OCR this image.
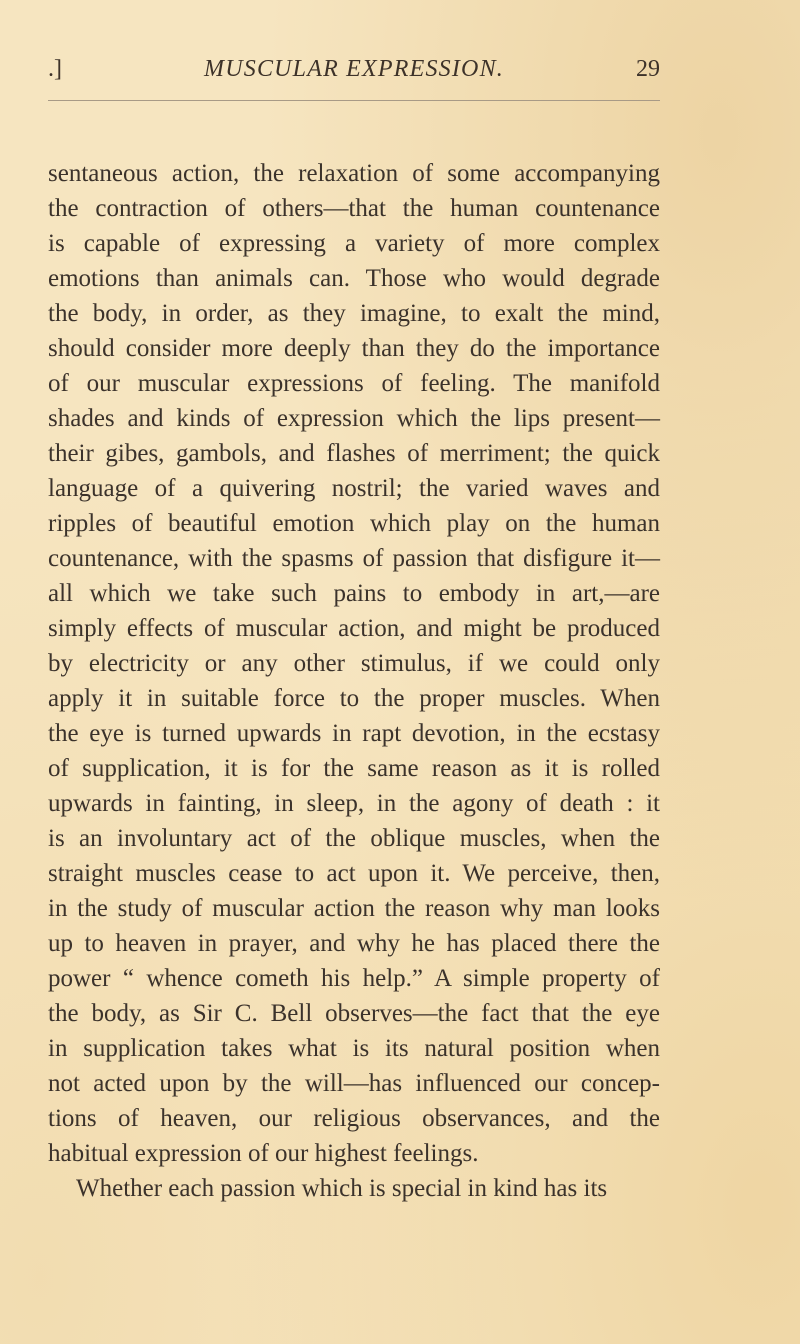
.]	MUSCULAR EXPRESSION.	29
sentaneous action, the relaxation of some accompanying
the contraction of others—that the human countenance
is capable of expressing a variety of more complex
emotions than animals can. Those who would degrade
the body, in order, as they imagine, to exalt the mind,
should consider more deeply than they do the importance
of our muscular expressions of feeling. The manifold
shades and kinds of expression which the lips present—
their gibes, gambols, and flashes of merriment; the quick
language of a quivering nostril; the varied waves and
ripples of beautiful emotion which play on the human
countenance, with the spasms of passion that disfigure it—
all which we take such pains to embody in art,—are
simply effects of muscular action, and might be produced
by electricity or any other stimulus, if we could only
apply it in suitable force to the proper muscles. When
the eye is turned upwards in rapt devotion, in the ecstasy
of supplication, it is for the same reason as it is rolled
upwards in fainting, in sleep, in the agony of death : it
is an involuntary act of the oblique muscles, when the
straight muscles cease to act upon it. We perceive, then,
in the study of muscular action the reason why man looks
up to heaven in prayer, and why he has placed there the
power “ whence cometh his help.” A simple property of
the body, as Sir C. Bell observes—the fact that the eye
in supplication takes what is its natural position when
not acted upon by the will—has influenced our concep-
tions of heaven, our religious observances, and the
habitual expression of our highest feelings.
Whether each passion which is special in kind has its
